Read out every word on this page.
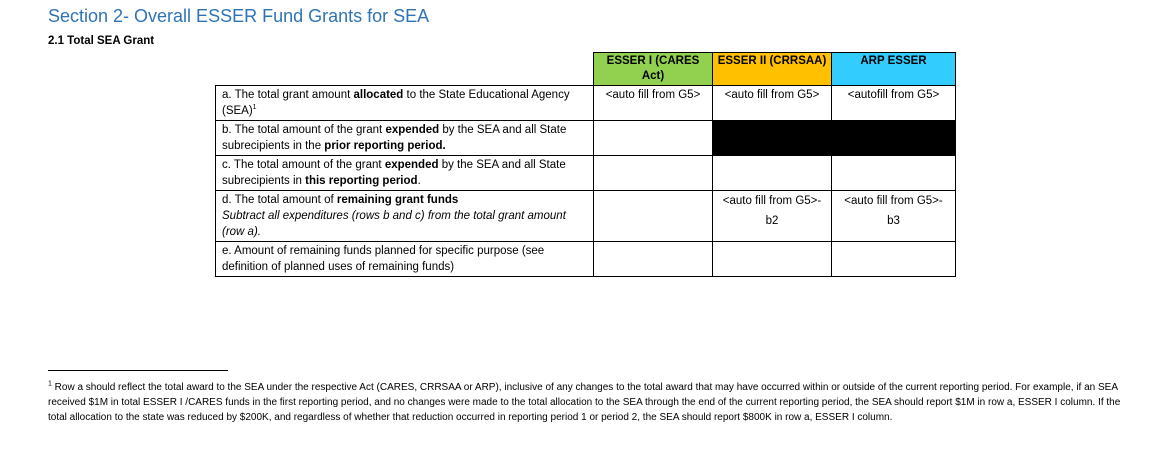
Section 2- Overall ESSER Fund Grants for SEA
2.1 Total SEA Grant
	ESSER I (CARES Act)	ESSER II (CRRSAA)	ARP ESSER
a. The total grant amount allocated to the State Educational Agency (SEA)$^1$	<auto fill from G5>	<auto fill from G5>	<autofill from G5>
b. The total amount of the grant expended by the SEA and all State subrecipients in the prior reporting period.			
c. The total amount of the grant expended by the SEA and all State subrecipients in this reporting period.			
d. The total amount of remaining grant funds
Subtract all expenditures (rows b and c) from the total grant amount (row a).		<auto fill from G5>-b2	<auto fill from G5>-b3
e. Amount of remaining funds planned for specific purpose (see definition of planned uses of remaining funds)			

$^1$ Row a should reflect the total award to the SEA under the respective Act (CARES, CRRSAA or ARP), inclusive of any changes to the total award that may have occurred within or outside of the current reporting period. For example, if an SEA received $1M in total ESSER I /CARES funds in the first reporting period, and no changes were made to the total allocation to the SEA through the end of the current reporting period, the SEA should report $1M in row a, ESSER I column. If the total allocation to the state was reduced by $200K, and regardless of whether that reduction occurred in reporting period 1 or period 2, the SEA should report $800K in row a, ESSER I column.
